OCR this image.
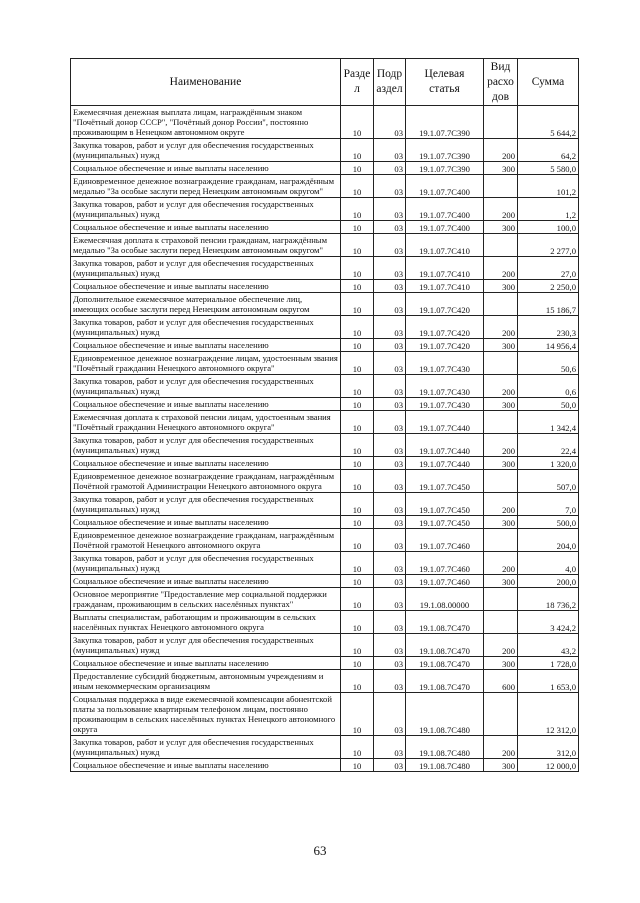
Наименование	Разде л	Подр аздел	Целевая статья	Вид расхо дов	Сумма
Ежемесячная денежная выплата лицам, награждённым знаком "Почётный донор СССР", "Почётный донор России", постоянно проживающим в Ненецком автономном округе	10	03	19.1.07.7С390		5 644,2
Закупка товаров, работ и услуг для обеспечения государственных (муниципальных) нужд	10	03	19.1.07.7С390	200	64,2
Социальное обеспечение и иные выплаты населению	10	03	19.1.07.7С390	300	5 580,0
Единовременное денежное вознаграждение гражданам, награждённым медалью "За особые заслуги перед Ненецким автономным округом"	10	03	19.1.07.7С400		101,2
Закупка товаров, работ и услуг для обеспечения государственных (муниципальных) нужд	10	03	19.1.07.7С400	200	1,2
Социальное обеспечение и иные выплаты населению	10	03	19.1.07.7С400	300	100,0
Ежемесячная доплата к страховой пенсии гражданам, награждённым медалью "За особые заслуги перед Ненецким автономным округом"	10	03	19.1.07.7С410		2 277,0
Закупка товаров, работ и услуг для обеспечения государственных (муниципальных) нужд	10	03	19.1.07.7С410	200	27,0
Социальное обеспечение и иные выплаты населению	10	03	19.1.07.7С410	300	2 250,0
Дополнительное ежемесячное материальное обеспечение лиц, имеющих особые заслуги перед Ненецким автономным округом	10	03	19.1.07.7С420		15 186,7
Закупка товаров, работ и услуг для обеспечения государственных (муниципальных) нужд	10	03	19.1.07.7С420	200	230,3
Социальное обеспечение и иные выплаты населению	10	03	19.1.07.7С420	300	14 956,4
Единовременное денежное вознаграждение лицам, удостоенным звания "Почётный гражданин Ненецкого автономного округа"	10	03	19.1.07.7С430		50,6
Закупка товаров, работ и услуг для обеспечения государственных (муниципальных) нужд	10	03	19.1.07.7С430	200	0,6
Социальное обеспечение и иные выплаты населению	10	03	19.1.07.7С430	300	50,0
Ежемесячная доплата к страховой пенсии лицам, удостоенным звания "Почётный гражданин Ненецкого автономного округа"	10	03	19.1.07.7С440		1 342,4
Закупка товаров, работ и услуг для обеспечения государственных (муниципальных) нужд	10	03	19.1.07.7С440	200	22,4
Социальное обеспечение и иные выплаты населению	10	03	19.1.07.7С440	300	1 320,0
Единовременное денежное вознаграждение гражданам, награждённым Почётной грамотой Администрации Ненецкого автономного округа	10	03	19.1.07.7С450		507,0
Закупка товаров, работ и услуг для обеспечения государственных (муниципальных) нужд	10	03	19.1.07.7С450	200	7,0
Социальное обеспечение и иные выплаты населению	10	03	19.1.07.7С450	300	500,0
Единовременное денежное вознаграждение гражданам, награждённым Почётной грамотой Ненецкого автономного округа	10	03	19.1.07.7С460		204,0
Закупка товаров, работ и услуг для обеспечения государственных (муниципальных) нужд	10	03	19.1.07.7С460	200	4,0
Социальное обеспечение и иные выплаты населению	10	03	19.1.07.7С460	300	200,0
Основное мероприятие "Предоставление мер социальной поддержки гражданам, проживающим в сельских населённых пунктах"	10	03	19.1.08.00000		18 736,2
Выплаты специалистам, работающим и проживающим в сельских населённых пунктах Ненецкого автономного округа	10	03	19.1.08.7С470		3 424,2
Закупка товаров, работ и услуг для обеспечения государственных (муниципальных) нужд	10	03	19.1.08.7С470	200	43,2
Социальное обеспечение и иные выплаты населению	10	03	19.1.08.7С470	300	1 728,0
Предоставление субсидий бюджетным, автономным учреждениям и иным некоммерческим организациям	10	03	19.1.08.7С470	600	1 653,0
Социальная поддержка в виде ежемесячной компенсации абонентской платы за пользование квартирным телефоном лицам, постоянно проживающим в сельских населённых пунктах Ненецкого автономного округа	10	03	19.1.08.7С480		12 312,0
Закупка товаров, работ и услуг для обеспечения государственных (муниципальных) нужд	10	03	19.1.08.7С480	200	312,0
Социальное обеспечение и иные выплаты населению	10	03	19.1.08.7С480	300	12 000,0
63
